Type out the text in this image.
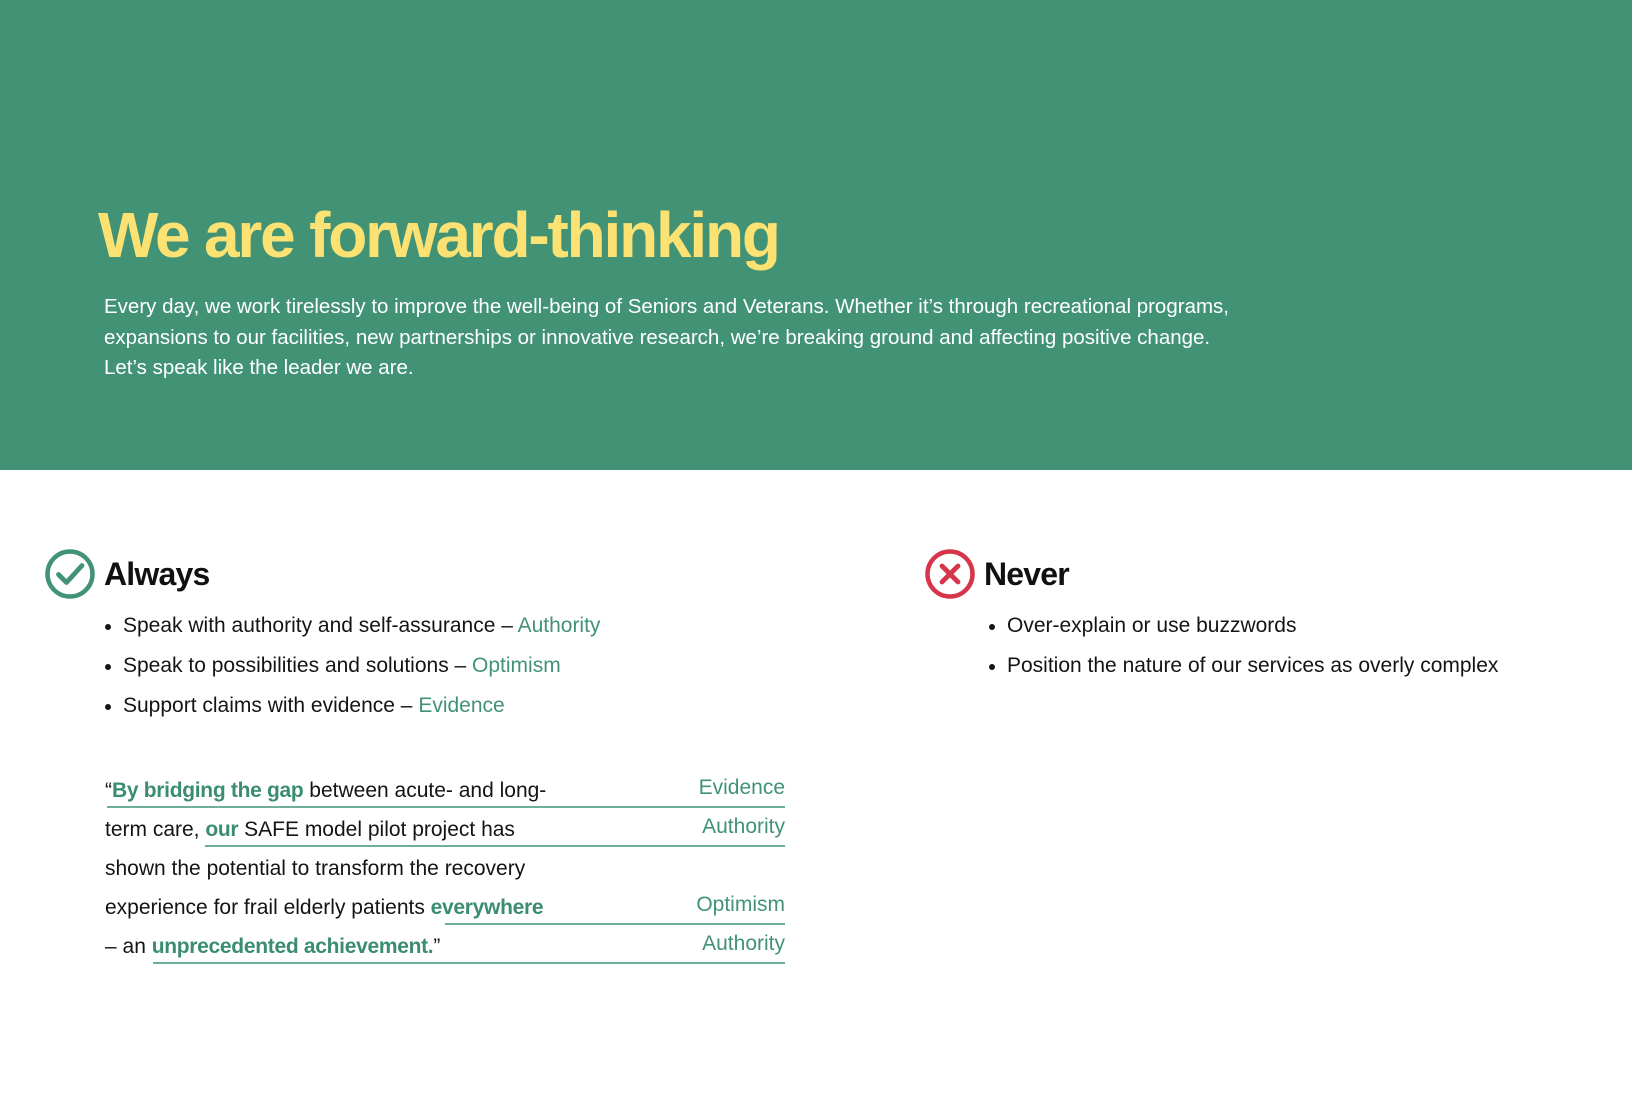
We are forward-thinking

Every day, we work tirelessly to improve the well-being of Seniors and Veterans. Whether it’s through recreational programs, expansions to our facilities, new partnerships or innovative research, we’re breaking ground and affecting positive change. Let’s speak like the leader we are.

Always
Speak with authority and self-assurance – Authority
Speak to possibilities and solutions – Optimism
Support claims with evidence – Evidence
“By bridging the gap between acute- and long-	Evidence
term care, our SAFE model pilot project has	Authority
shown the potential to transform the recovery
experience for frail elderly patients everywhere	Optimism
– an unprecedented achievement.”	Authority
Never
Over-explain or use buzzwords
Position the nature of our services as overly complex
